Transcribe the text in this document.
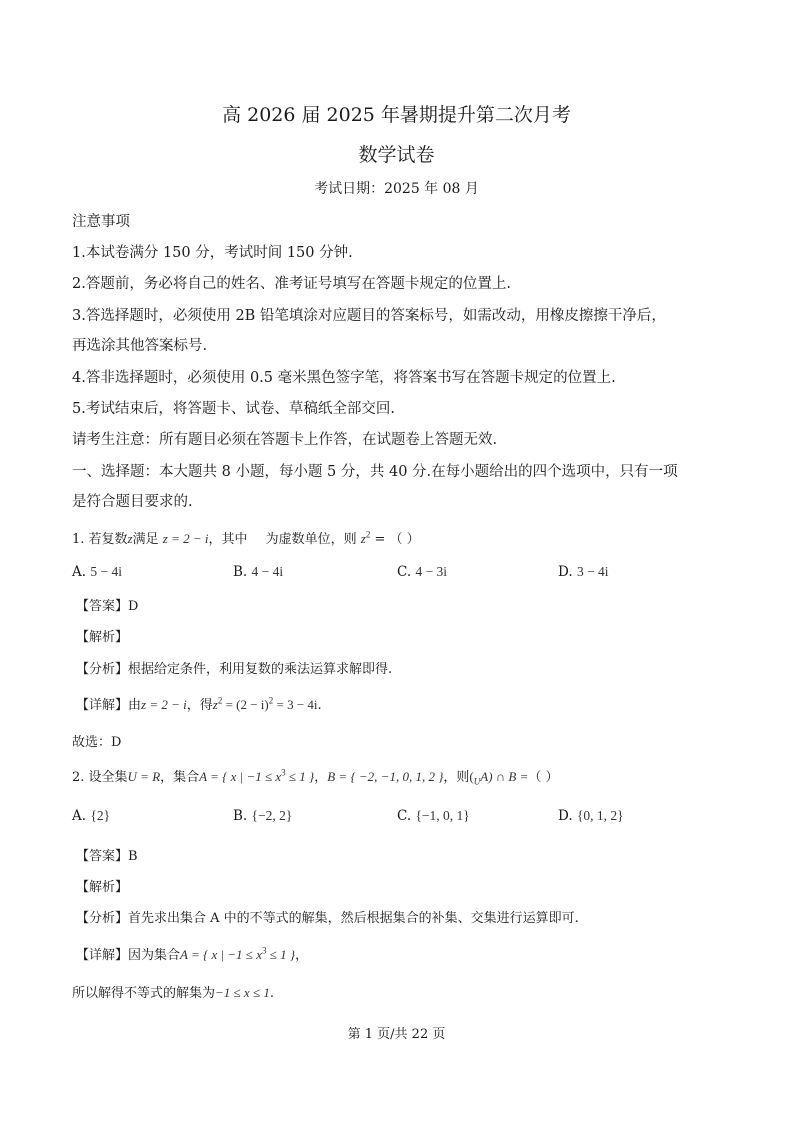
高 2026 届 2025 年暑期提升第二次月考
数学试卷
考试日期：2025 年 08 月
注意事项
1.本试卷满分 150 分，考试时间 150 分钟.
2.答题前，务必将自己的姓名、准考证号填写在答题卡规定的位置上.
3.答选择题时，必须使用 2B 铅笔填涂对应题目的答案标号，如需改动，用橡皮擦擦干净后，
再选涂其他答案标号.
4.答非选择题时，必须使用 0.5 毫米黑色签字笔，将答案书写在答题卡规定的位置上.
5.考试结束后，将答题卡、试卷、草稿纸全部交回.
请考生注意：所有题目必须在答题卡上作答，在试题卷上答题无效.
一、选择题：本大题共 8 小题，每小题 5 分，共 40 分.在每小题给出的四个选项中，只有一项
是符合题目要求的.
1. 若复数z满足 z = 2 − i，其中 为虚数单位，则 $z^2$ = （ ）
A. 5 − 4i	B. 4 − 4i	C. 4 − 3i	D. 3 − 4i
【答案】D
【解析】
【分析】根据给定条件，利用复数的乘法运算求解即得.
【详解】由z = 2 − i，得$z^2 = (2 - i)^2 = 3 - 4i$.
故选：D
2. 设全集U = R，集合A = { x | $-1 \le x^3 \le 1$ }，B = { −2, −1, 0, 1, 2 }，则$(_UA)$ ∩ B =（ ）
A. {2}	B. {−2, 2}	C. {−1, 0, 1}	D. {0, 1, 2}
【答案】B
【解析】
【分析】首先求出集合 A 中的不等式的解集，然后根据集合的补集、交集进行运算即可.
【详解】因为集合A = { x | $-1 \le x^3 \le 1$ }，
所以解得不等式的解集为−1 ≤ x ≤ 1.
第 1 页/共 22 页
